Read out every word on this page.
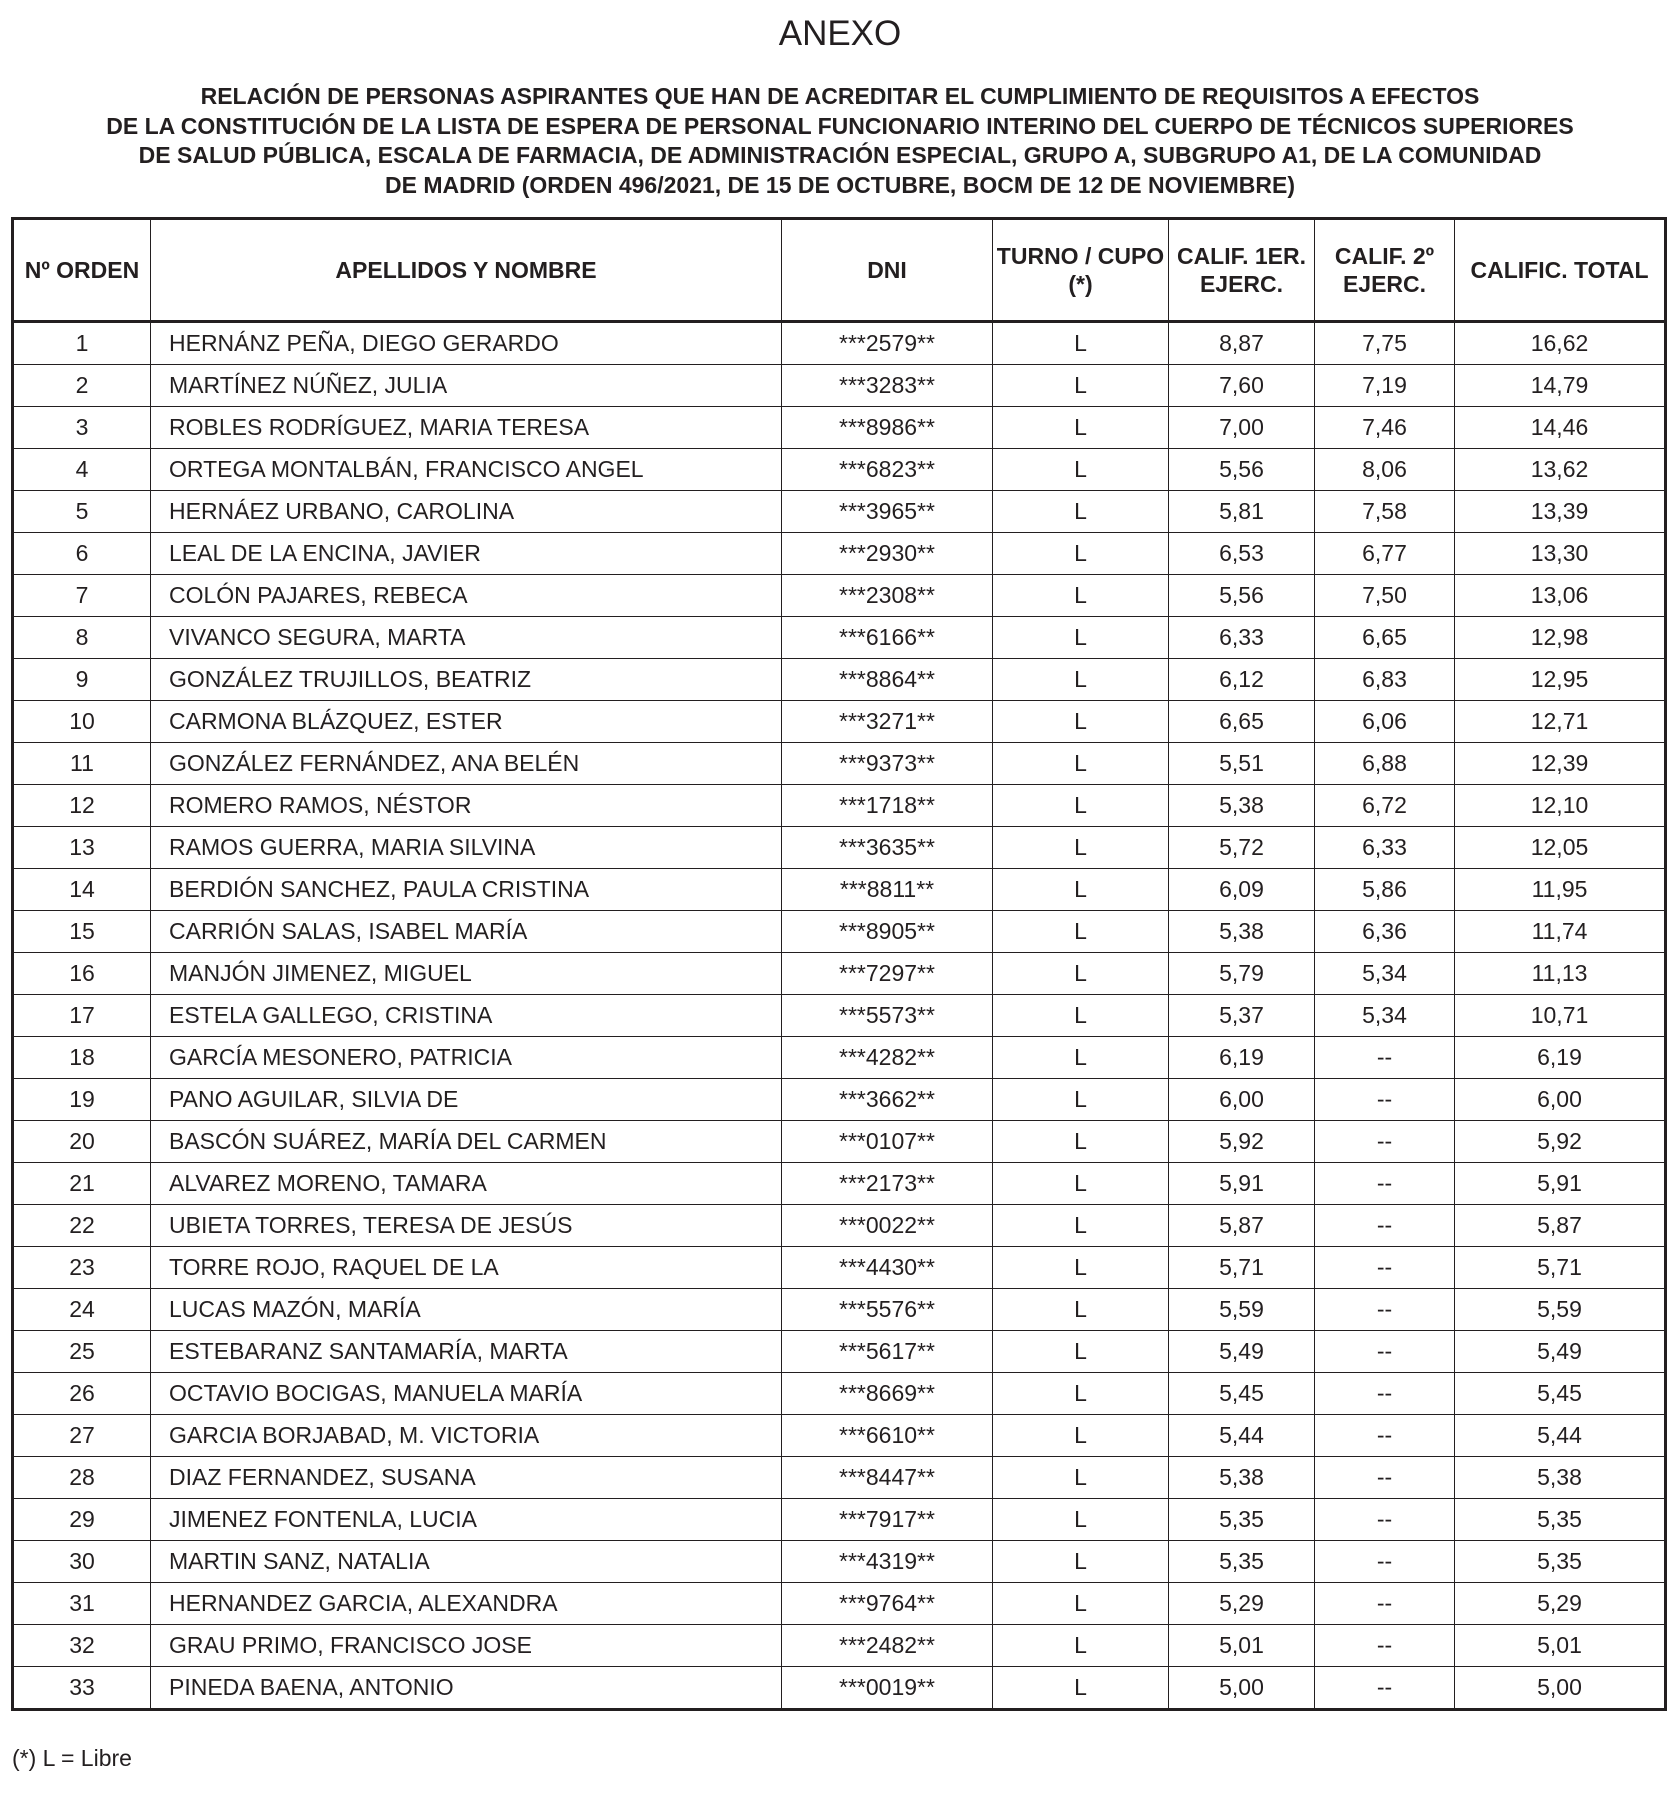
ANEXO
RELACIÓN DE PERSONAS ASPIRANTES QUE HAN DE ACREDITAR EL CUMPLIMIENTO DE REQUISITOS A EFECTOS
DE LA CONSTITUCIÓN DE LA LISTA DE ESPERA DE PERSONAL FUNCIONARIO INTERINO DEL CUERPO DE TÉCNICOS SUPERIORES
DE SALUD PÚBLICA, ESCALA DE FARMACIA, DE ADMINISTRACIÓN ESPECIAL, GRUPO A, SUBGRUPO A1, DE LA COMUNIDAD
DE MADRID (ORDEN 496/2021, DE 15 DE OCTUBRE, BOCM DE 12 DE NOVIEMBRE)
Nº ORDEN	APELLIDOS Y NOMBRE	DNI	TURNO / CUPO (*)	CALIF. 1ER. EJERC.	CALIF. 2º EJERC.	CALIFIC. TOTAL
1	HERNÁNZ PEÑA, DIEGO GERARDO	***2579**	L	8,87	7,75	16,62
2	MARTÍNEZ NÚÑEZ, JULIA	***3283**	L	7,60	7,19	14,79
3	ROBLES RODRÍGUEZ, MARIA TERESA	***8986**	L	7,00	7,46	14,46
4	ORTEGA MONTALBÁN, FRANCISCO ANGEL	***6823**	L	5,56	8,06	13,62
5	HERNÁEZ URBANO, CAROLINA	***3965**	L	5,81	7,58	13,39
6	LEAL DE LA ENCINA, JAVIER	***2930**	L	6,53	6,77	13,30
7	COLÓN PAJARES, REBECA	***2308**	L	5,56	7,50	13,06
8	VIVANCO SEGURA, MARTA	***6166**	L	6,33	6,65	12,98
9	GONZÁLEZ TRUJILLOS, BEATRIZ	***8864**	L	6,12	6,83	12,95
10	CARMONA BLÁZQUEZ, ESTER	***3271**	L	6,65	6,06	12,71
11	GONZÁLEZ FERNÁNDEZ, ANA BELÉN	***9373**	L	5,51	6,88	12,39
12	ROMERO RAMOS, NÉSTOR	***1718**	L	5,38	6,72	12,10
13	RAMOS GUERRA, MARIA SILVINA	***3635**	L	5,72	6,33	12,05
14	BERDIÓN SANCHEZ, PAULA CRISTINA	***8811**	L	6,09	5,86	11,95
15	CARRIÓN SALAS, ISABEL MARÍA	***8905**	L	5,38	6,36	11,74
16	MANJÓN JIMENEZ, MIGUEL	***7297**	L	5,79	5,34	11,13
17	ESTELA GALLEGO, CRISTINA	***5573**	L	5,37	5,34	10,71
18	GARCÍA MESONERO, PATRICIA	***4282**	L	6,19	--	6,19
19	PANO AGUILAR, SILVIA DE	***3662**	L	6,00	--	6,00
20	BASCÓN SUÁREZ, MARÍA DEL CARMEN	***0107**	L	5,92	--	5,92
21	ALVAREZ MORENO, TAMARA	***2173**	L	5,91	--	5,91
22	UBIETA TORRES, TERESA DE JESÚS	***0022**	L	5,87	--	5,87
23	TORRE ROJO, RAQUEL DE LA	***4430**	L	5,71	--	5,71
24	LUCAS MAZÓN, MARÍA	***5576**	L	5,59	--	5,59
25	ESTEBARANZ SANTAMARÍA, MARTA	***5617**	L	5,49	--	5,49
26	OCTAVIO BOCIGAS, MANUELA MARÍA	***8669**	L	5,45	--	5,45
27	GARCIA BORJABAD, M. VICTORIA	***6610**	L	5,44	--	5,44
28	DIAZ FERNANDEZ, SUSANA	***8447**	L	5,38	--	5,38
29	JIMENEZ FONTENLA, LUCIA	***7917**	L	5,35	--	5,35
30	MARTIN SANZ, NATALIA	***4319**	L	5,35	--	5,35
31	HERNANDEZ GARCIA, ALEXANDRA	***9764**	L	5,29	--	5,29
32	GRAU PRIMO, FRANCISCO JOSE	***2482**	L	5,01	--	5,01
33	PINEDA BAENA, ANTONIO	***0019**	L	5,00	--	5,00
(*) L = Libre
